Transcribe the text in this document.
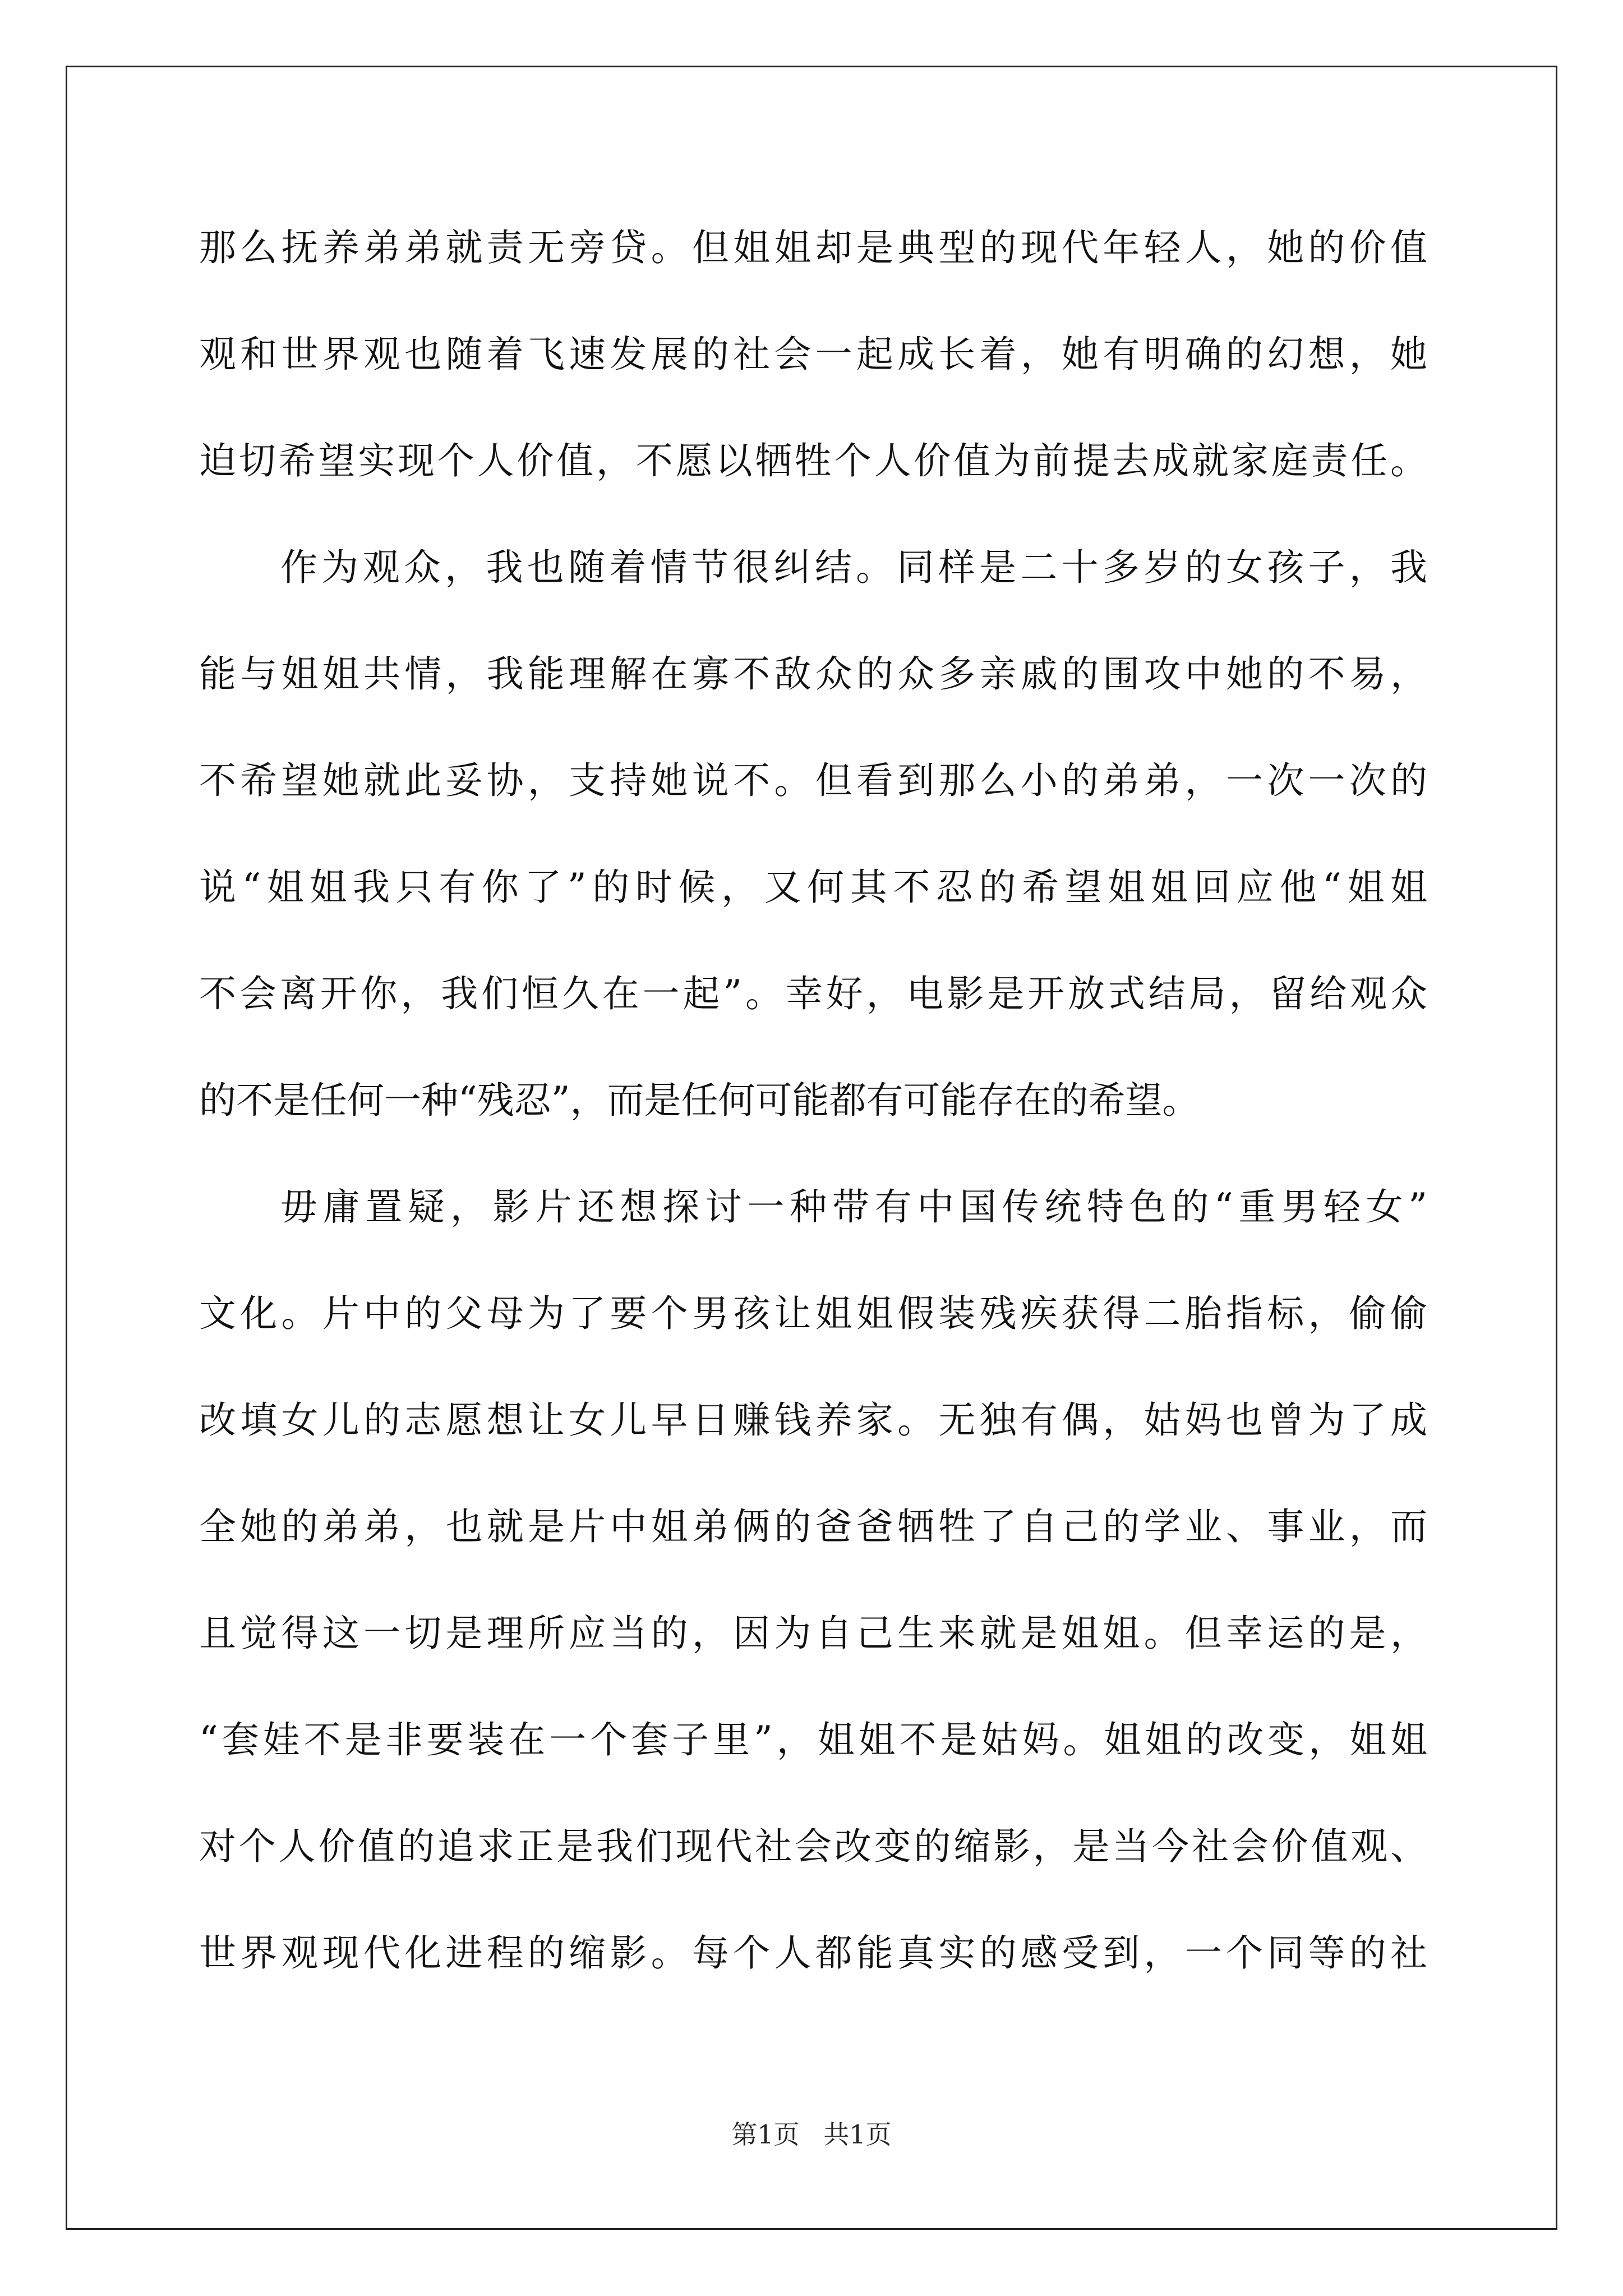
那么抚养弟弟就责无旁贷。但姐姐却是典型的现代年轻人，她的价值
观和世界观也随着飞速发展的社会一起成长着，她有明确的幻想，她
迫切希望实现个人价值，不愿以牺牲个人价值为前提去成就家庭责任。
作为观众，我也随着情节很纠结。同样是二十多岁的女孩子，我
能与姐姐共情，我能理解在寡不敌众的众多亲戚的围攻中她的不易，
不希望她就此妥协，支持她说不。但看到那么小的弟弟，一次一次的
说“姐姐我只有你了”的时候，又何其不忍的希望姐姐回应他“姐姐
不会离开你，我们恒久在一起”。幸好，电影是开放式结局，留给观众
的不是任何一种“残忍”，而是任何可能都有可能存在的希望。
毋庸置疑，影片还想探讨一种带有中国传统特色的“重男轻女”
文化。片中的父母为了要个男孩让姐姐假装残疾获得二胎指标，偷偷
改填女儿的志愿想让女儿早日赚钱养家。无独有偶，姑妈也曾为了成
全她的弟弟，也就是片中姐弟俩的爸爸牺牲了自己的学业、事业，而
且觉得这一切是理所应当的，因为自己生来就是姐姐。但幸运的是，
“套娃不是非要装在一个套子里”，姐姐不是姑妈。姐姐的改变，姐姐
对个人价值的追求正是我们现代社会改变的缩影，是当今社会价值观、
世界观现代化进程的缩影。每个人都能真实的感受到，一个同等的社
第1页 共1页
